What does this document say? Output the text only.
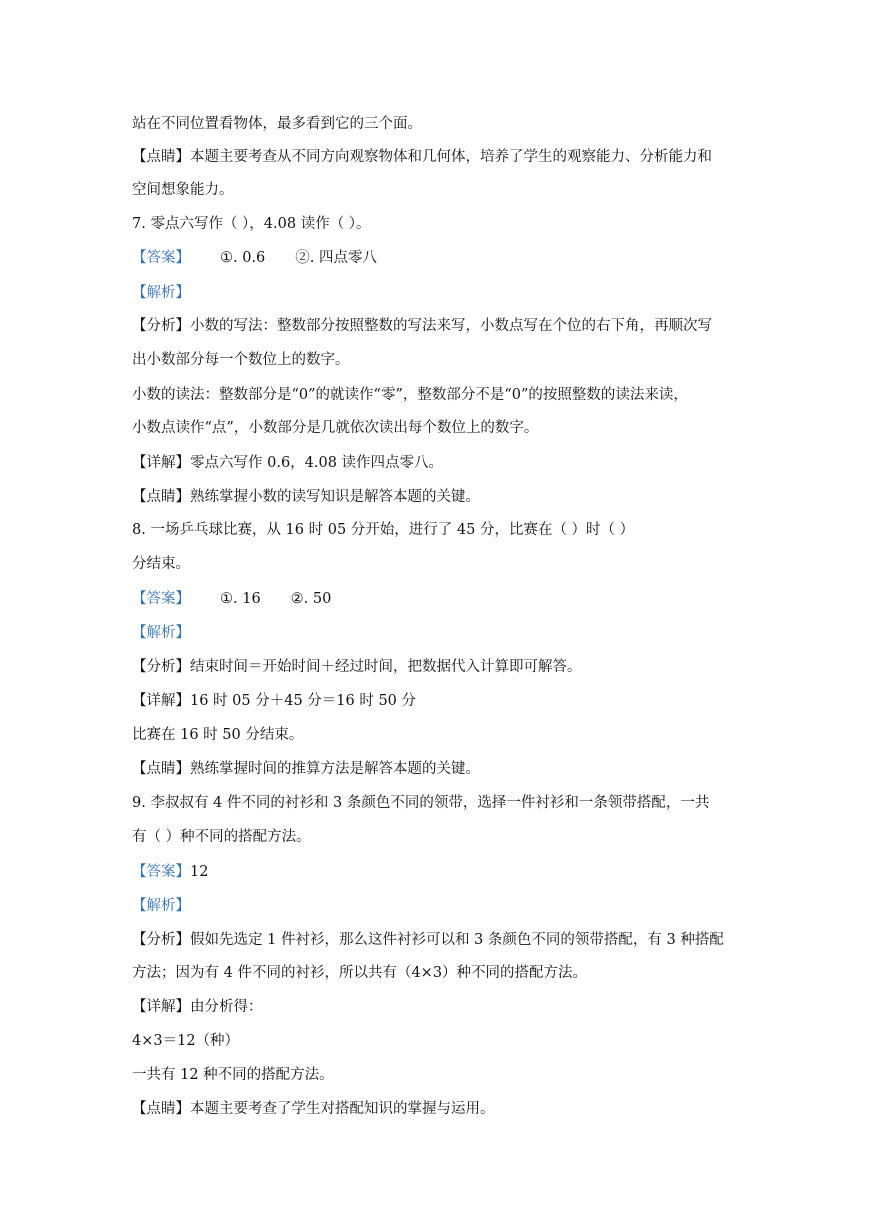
站在不同位置看物体，最多看到它的三个面。
【点睛】本题主要考查从不同方向观察物体和几何体，培养了学生的观察能力、分析能力和
空间想象能力。
7. 零点六写作（ ），4.08 读作（ ）。
【答案】 ①. 0.6 ②. 四点零八
【解析】
【分析】小数的写法：整数部分按照整数的写法来写，小数点写在个位的右下角，再顺次写
出小数部分每一个数位上的数字。
小数的读法：整数部分是“0”的就读作“零”，整数部分不是“0”的按照整数的读法来读，
小数点读作“点”，小数部分是几就依次读出每个数位上的数字。
【详解】零点六写作 0.6，4.08 读作四点零八。
【点睛】熟练掌握小数的读写知识是解答本题的关键。
8. 一场乒乓球比赛，从 16 时 05 分开始，进行了 45 分，比赛在（ ）时（ ）
分结束。
【答案】 ①. 16 ②. 50
【解析】
【分析】结束时间＝开始时间＋经过时间，把数据代入计算即可解答。
【详解】16 时 05 分＋45 分＝16 时 50 分
比赛在 16 时 50 分结束。
【点睛】熟练掌握时间的推算方法是解答本题的关键。
9. 李叔叔有 4 件不同的衬衫和 3 条颜色不同的领带，选择一件衬衫和一条领带搭配，一共
有（ ）种不同的搭配方法。
【答案】12
【解析】
【分析】假如先选定 1 件衬衫，那么这件衬衫可以和 3 条颜色不同的领带搭配，有 3 种搭配
方法；因为有 4 件不同的衬衫，所以共有（4×3）种不同的搭配方法。
【详解】由分析得：
4×3＝12（种）
一共有 12 种不同的搭配方法。
【点睛】本题主要考查了学生对搭配知识的掌握与运用。
